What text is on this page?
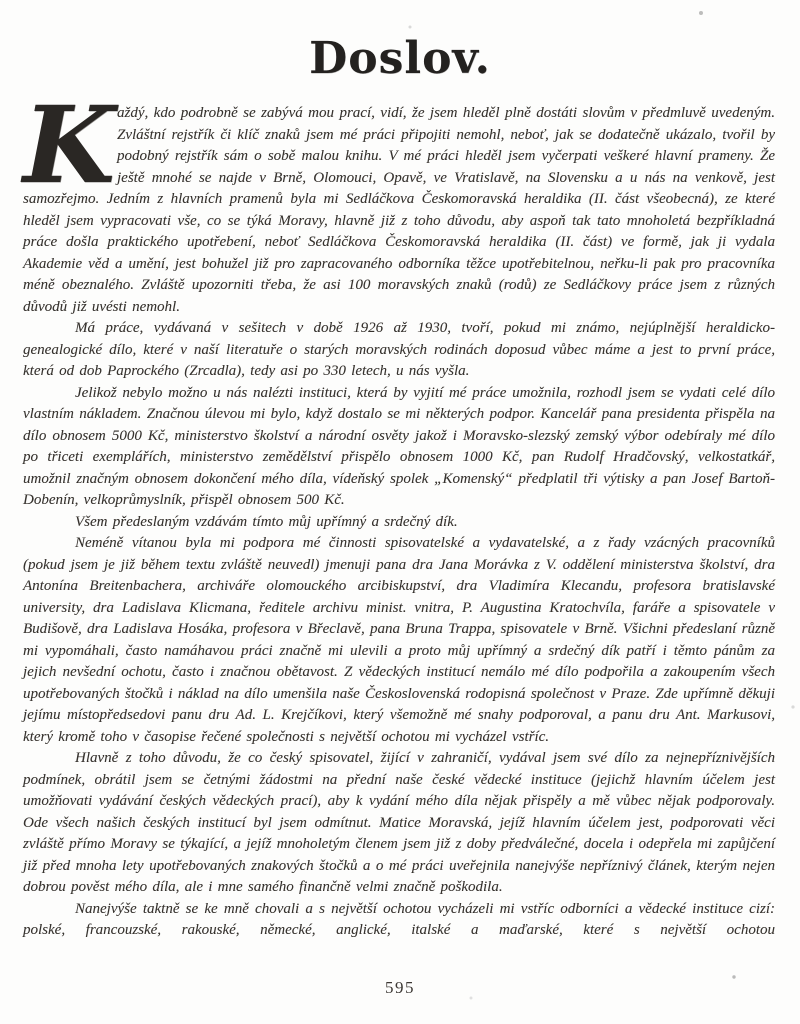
Doslov.

Každý, kdo podrobně se zabývá mou prací, vidí, že jsem hleděl plně dostáti slovům v předmluvě uvedeným. Zvláštní rejstřík či klíč znaků jsem mé práci připojiti nemohl, neboť, jak se dodatečně ukázalo, tvořil by podobný rejstřík sám o sobě malou knihu. V mé práci hleděl jsem vyčerpati veškeré hlavní prameny. Že ještě mnohé se najde v Brně, Olomouci, Opavě, ve Vratislavě, na Slovensku a u nás na venkově, jest samozřejmo. Jedním z hlavních pramenů byla mi Sedláčkova Českomoravská heraldika (II. část všeobecná), ze které hleděl jsem vypracovati vše, co se týká Moravy, hlavně již z toho důvodu, aby aspoň tak tato mnoholetá bezpříkladná práce došla praktického upotřebení, neboť Sedláčkova Českomoravská heraldika (II. část) ve formě, jak ji vydala Akademie věd a umění, jest bohužel již pro zapracovaného odborníka těžce upotřebitelnou, neřku-li pak pro pracovníka méně obeznalého. Zvláště upozorniti třeba, že asi 100 moravských znaků (rodů) ze Sedláčkovy práce jsem z různých důvodů již uvésti nemohl.

Má práce, vydávaná v sešitech v době 1926 až 1930, tvoří, pokud mi známo, nejúplnější heraldicko-genealogické dílo, které v naší literatuře o starých moravských rodinách doposud vůbec máme a jest to první práce, která od dob Paprockého (Zrcadla), tedy asi po 330 letech, u nás vyšla.

Jelikož nebylo možno u nás nalézti instituci, která by vyjití mé práce umožnila, rozhodl jsem se vydati celé dílo vlastním nákladem. Značnou úlevou mi bylo, když dostalo se mi některých podpor. Kancelář pana presidenta přispěla na dílo obnosem 5000 Kč, ministerstvo školství a národní osvěty jakož i Moravsko-slezský zemský výbor odebíraly mé dílo po třiceti exemplářích, ministerstvo zemědělství přispělo obnosem 1000 Kč, pan Rudolf Hradčovský, velkostatkář, umožnil značným obnosem dokončení mého díla, vídeňský spolek „Komenský“ předplatil tři výtisky a pan Josef Bartoň-Dobenín, velkoprůmyslník, přispěl obnosem 500 Kč.

Všem předeslaným vzdávám tímto můj upřímný a srdečný dík.

Neméně vítanou byla mi podpora mé činnosti spisovatelské a vydavatelské, a z řady vzácných pracovníků (pokud jsem je již během textu zvláště neuvedl) jmenuji pana dra Jana Morávka z V. oddělení ministerstva školství, dra Antonína Breitenbachera, archiváře olomouckého arcibiskupství, dra Vladimíra Klecandu, profesora bratislavské university, dra Ladislava Klicmana, ředitele archivu minist. vnitra, P. Augustina Kratochvíla, faráře a spisovatele v Budišově, dra Ladislava Hosáka, profesora v Břeclavě, pana Bruna Trappa, spisovatele v Brně. Všichni předeslaní různě mi vypomáhali, často namáhavou práci značně mi ulevili a proto můj upřímný a srdečný dík patří i těmto pánům za jejich nevšední ochotu, často i značnou obětavost. Z vědeckých institucí nemálo mé dílo podpořila a zakoupením všech upotřebovaných štočků i náklad na dílo umenšila naše Československá rodopisná společnost v Praze. Zde upřímně děkuji jejímu místopředsedovi panu dru Ad. L. Krejčíkovi, který všemožně mé snahy podporoval, a panu dru Ant. Markusovi, který kromě toho v časopise řečené společnosti s největší ochotou mi vycházel vstříc.

Hlavně z toho důvodu, že co český spisovatel, žijící v zahraničí, vydával jsem své dílo za nejnepříznivějších podmínek, obrátil jsem se četnými žádostmi na přední naše české vědecké instituce (jejichž hlavním účelem jest umožňovati vydávání českých vědeckých prací), aby k vydání mého díla nějak přispěly a mě vůbec nějak podporovaly. Ode všech našich českých institucí byl jsem odmítnut. Matice Moravská, jejíž hlavním účelem jest, podporovati věci zvláště přímo Moravy se týkající, a jejíž mnoholetým členem jsem již z doby předválečné, docela i odepřela mi zapůjčení již před mnoha lety upotřebovaných znakových štočků a o mé práci uveřejnila nanejvýše nepříznivý článek, kterým nejen dobrou pověst mého díla, ale i mne samého finančně velmi značně poškodila.

Nanejvýše taktně se ke mně chovali a s největší ochotou vycházeli mi vstříc odborníci a vědecké instituce cizí: polské, francouzské, rakouské, německé, anglické, italské a maďarské, které s největší ochotou

595
